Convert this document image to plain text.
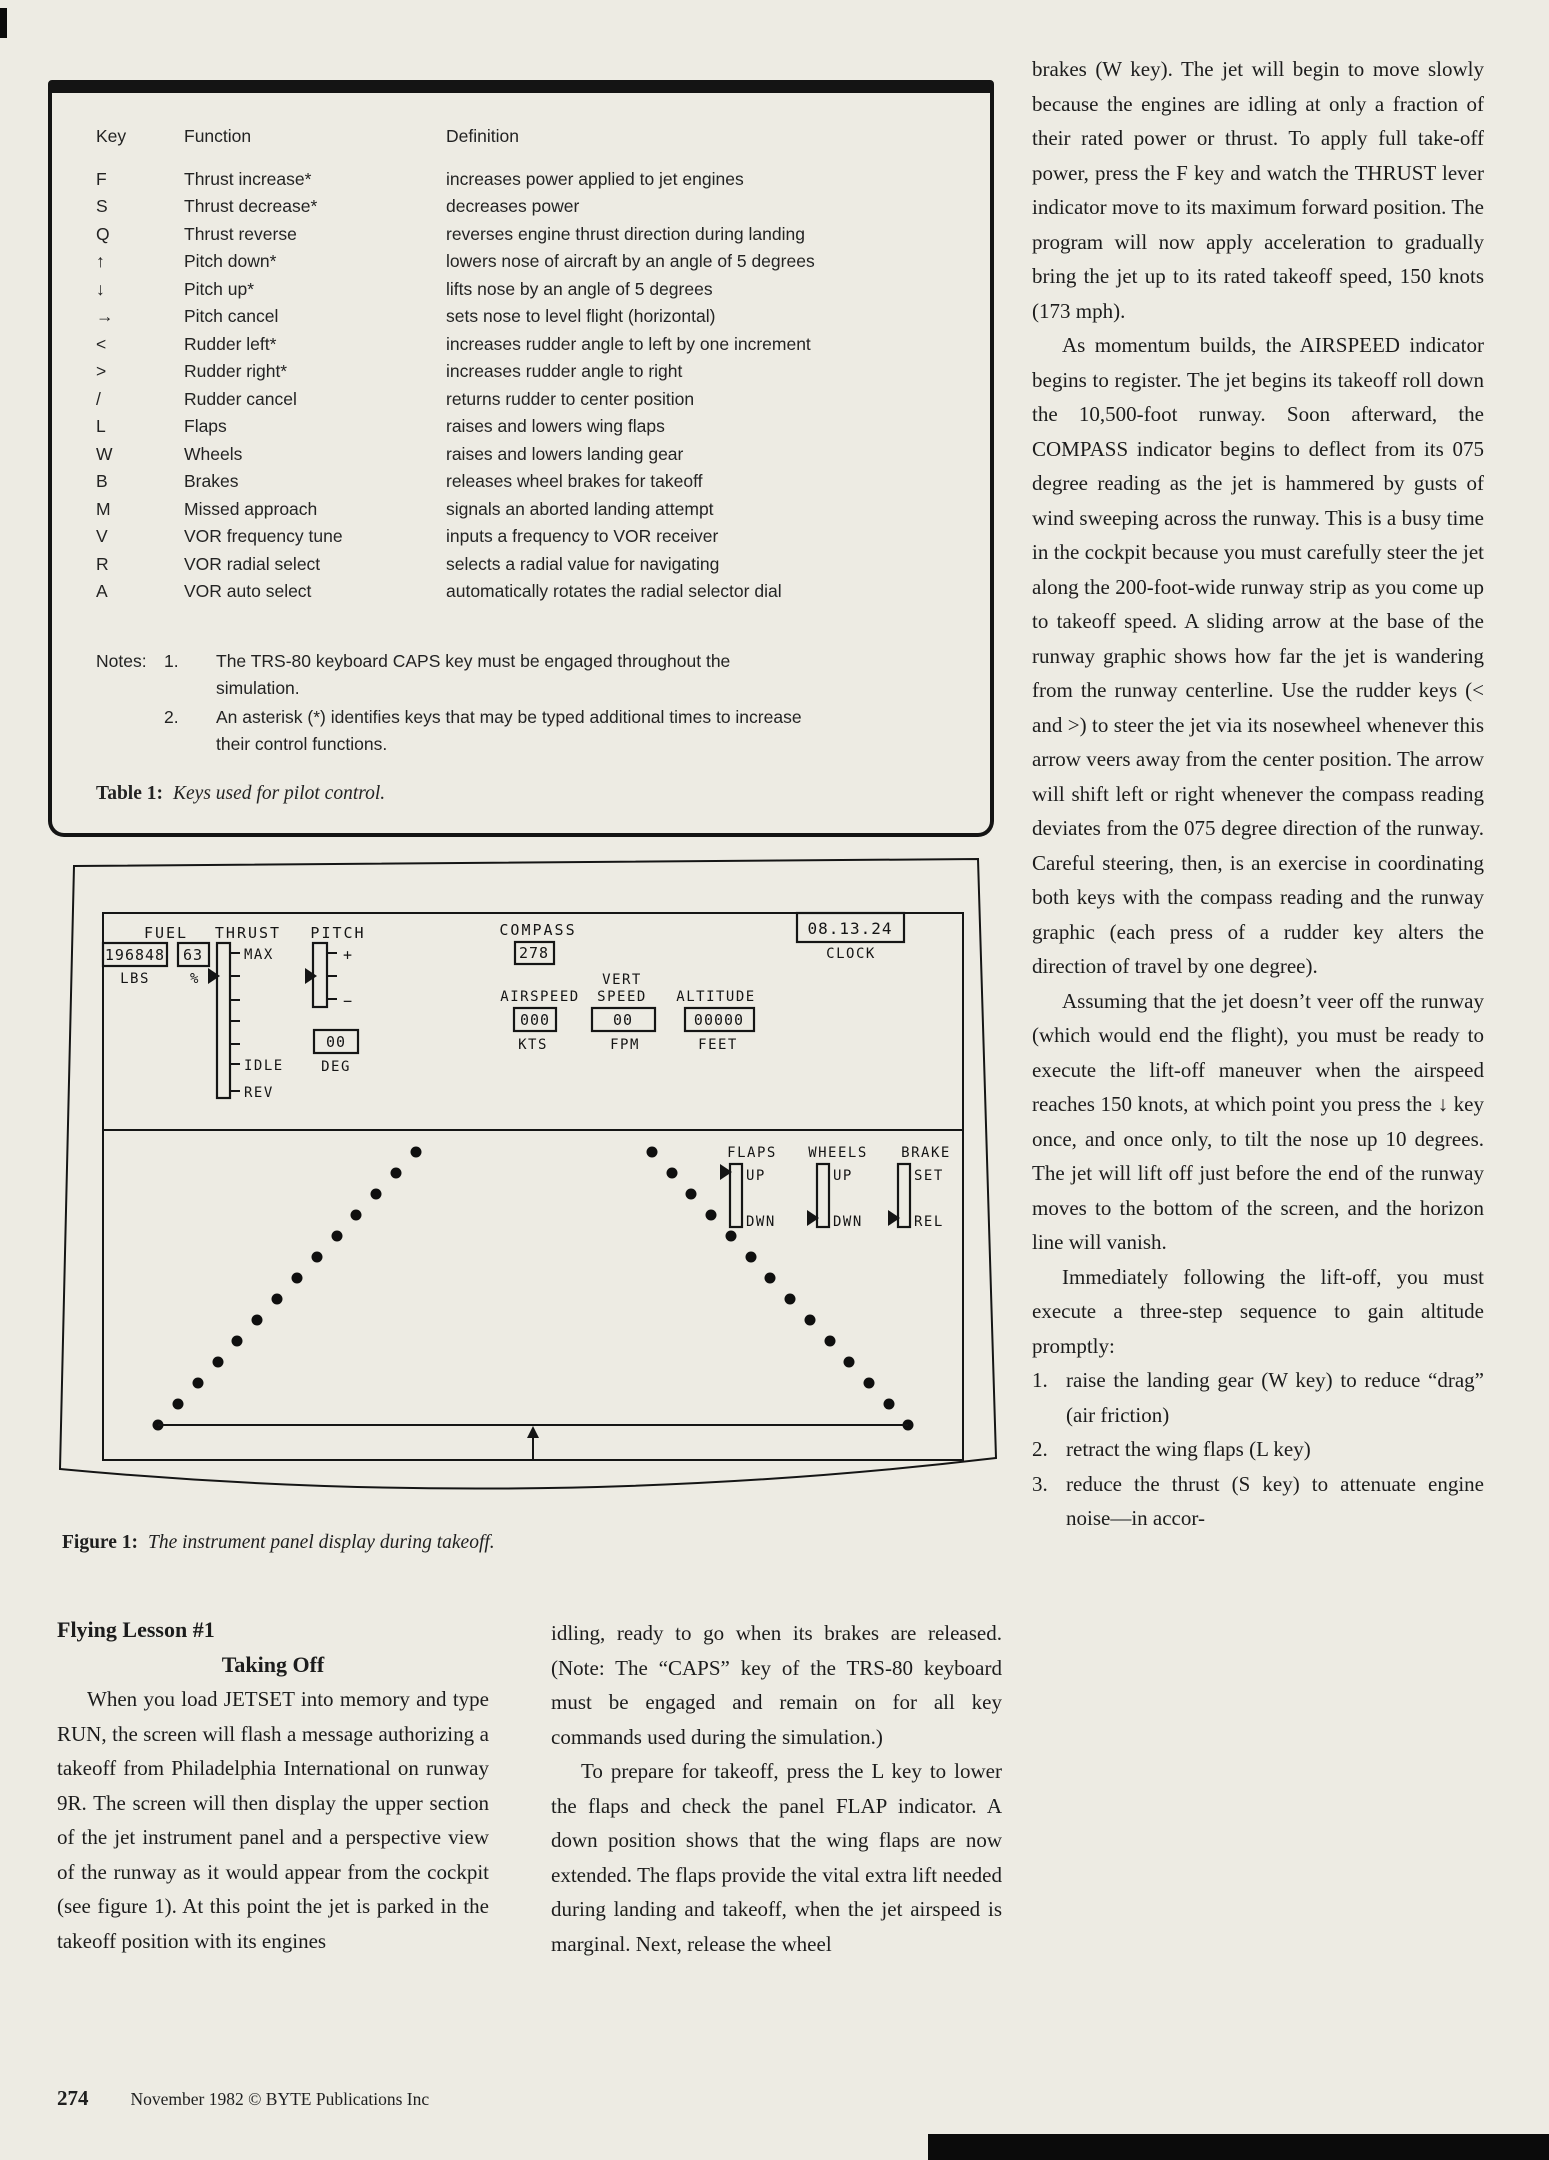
Key	Function	Definition
F	Thrust increase*	increases power applied to jet engines
S	Thrust decrease*	decreases power
Q	Thrust reverse	reverses engine thrust direction during landing
↑	Pitch down*	lowers nose of aircraft by an angle of 5 degrees
↓	Pitch up*	lifts nose by an angle of 5 degrees
→	Pitch cancel	sets nose to level flight (horizontal)
<	Rudder left*	increases rudder angle to left by one increment
>	Rudder right*	increases rudder angle to right
/	Rudder cancel	returns rudder to center position
L	Flaps	raises and lowers wing flaps
W	Wheels	raises and lowers landing gear
B	Brakes	releases wheel brakes for takeoff
M	Missed approach	signals an aborted landing attempt
V	VOR frequency tune	inputs a frequency to VOR receiver
R	VOR radial select	selects a radial value for navigating
A	VOR auto select	automatically rotates the radial selector dial
Notes: 1.	The TRS-80 keyboard CAPS key must be engaged throughout the simulation.
2.	An asterisk (*) identifies keys that may be typed additional times to increase their control functions.
Table 1: Keys used for pilot control.
FUEL
196848 63
LBS	%
THRUST
MAX
IDLE
REV
PITCH
+
−
00
DEG
COMPASS
278
AIRSPEED
000
KTS
VERT
SPEED
00
FPM
ALTITUDE
00000
FEET
08.13.24
CLOCK
FLAPS
UP
DWN
WHEELS
UP
DWN
BRAKE
SET
REL
Figure 1: The instrument panel display during takeoff.

Flying Lesson #1

Taking Off

When you load JETSET into memory and type RUN, the screen will flash a message authorizing a takeoff from Philadelphia International on runway 9R. The screen will then display the upper section of the jet instrument panel and a perspective view of the runway as it would appear from the cockpit (see figure 1). At this point the jet is parked in the takeoff position with its engines

idling, ready to go when its brakes are released. (Note: The “CAPS” key of the TRS-80 keyboard must be engaged and remain on for all key commands used during the simulation.)

To prepare for takeoff, press the L key to lower the flaps and check the panel FLAP indicator. A down position shows that the wing flaps are now extended. The flaps provide the vital extra lift needed during landing and takeoff, when the jet airspeed is marginal. Next, release the wheel

brakes (W key). The jet will begin to move slowly because the engines are idling at only a fraction of their rated power or thrust. To apply full take-off power, press the F key and watch the THRUST lever indicator move to its maximum forward position. The program will now apply acceleration to gradually bring the jet up to its rated takeoff speed, 150 knots (173 mph).

As momentum builds, the AIRSPEED indicator begins to register. The jet begins its takeoff roll down the 10,500-foot runway. Soon afterward, the COMPASS indicator begins to deflect from its 075 degree reading as the jet is hammered by gusts of wind sweeping across the runway. This is a busy time in the cockpit because you must carefully steer the jet along the 200-foot-wide runway strip as you come up to takeoff speed. A sliding arrow at the base of the runway graphic shows how far the jet is wandering from the runway centerline. Use the rudder keys (< and >) to steer the jet via its nosewheel whenever this arrow veers away from the center position. The arrow will shift left or right whenever the compass reading deviates from the 075 degree direction of the runway. Careful steering, then, is an exercise in coordinating both keys with the compass reading and the runway graphic (each press of a rudder key alters the direction of travel by one degree).

Assuming that the jet doesn’t veer off the runway (which would end the flight), you must be ready to execute the lift-off maneuver when the airspeed reaches 150 knots, at which point you press the ↓ key once, and once only, to tilt the nose up 10 degrees. The jet will lift off just before the end of the runway moves to the bottom of the screen, and the horizon line will vanish.

Immediately following the lift-off, you must execute a three-step sequence to gain altitude promptly:

1. raise the landing gear (W key) to reduce “drag” (air friction)
2. retract the wing flaps (L key)
3. reduce the thrust (S key) to attenuate engine noise—in accor-
274 November 1982 © BYTE Publications Inc
